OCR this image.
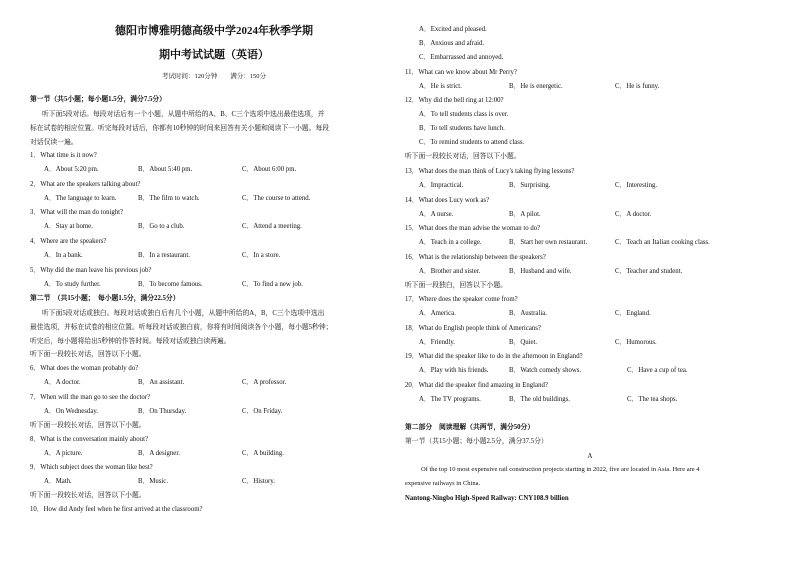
德阳市博雅明德高级中学2024年秋季学期
期中考试试题（英语）
考试时间：120分钟　　满分：150分
第一节（共5小题；每小题1.5分，满分7.5分）
听下面5段对话。每段对话后有一个小题，从题中所给的A、B、C三个选项中选出最佳选项，并
标在试卷的相应位置。听完每段对话后，你都有10秒钟的时间来回答有关小题和阅读下一小题。每段
对话仅读一遍。
1．What time is it now?
A．About 5:20 pm.	B．About 5:40 pm.	C．About 6:00 pm.
2．What are the speakers talking about?
A．The language to learn.	B．The film to watch.	C．The course to attend.
3．What will the man do tonight?
A．Stay at home.	B．Go to a club.	C．Attend a meeting.
4．Where are the speakers?
A．In a bank.	B．In a restaurant.	C．In a store.
5．Why did the man leave his previous job?
A．To study further.	B．To become famous.	C．To find a new job.
第二节　（共15小题；　每小题1.5分，满分22.5分）
听下面5段对话或独白。每段对话或独白后有几个小题，从题中所给的A，B，C三个选项中选出
最佳选项，并标在试卷的相应位置。听每段对话或独白前，你将有时间阅读各个小题，每小题5秒钟；
听完后，每小题将给出5秒钟的作答时间。每段对话或独白读两遍。
听下面一段较长对话，回答以下小题。
6．What does the woman probably do?
A．A doctor.	B．An assistant.	C．A professor.
7．When will the man go to see the doctor?
A．On Wednesday.	B．On Thursday.	C．On Friday.
听下面一段较长对话，回答以下小题。
8．What is the conversation mainly about?
A．A picture.	B．A designer.	C．A building.
9．Which subject does the woman like best?
A．Math.	B．Music.	C．History.
听下面一段较长对话，回答以下小题。
10．How did Andy feel when he first arrived at the classroom?
A．Excited and pleased.
B．Anxious and afraid.
C．Embarrassed and annoyed.
11．What can we know about Mr Perry?
A．He is strict.	B．He is energetic.	C．He is funny.
12．Why did the bell ring at 12:00?
A．To tell students class is over.
B．To tell students have lunch.
C．To remind students to attend class.
听下面一段较长对话，回答以下小题。
13．What does the man think of Lucy's taking flying lessons?
A．Impractical.	B．Surprising.	C．Interesting.
14．What does Lucy work as?
A．A nurse.	B．A pilot.	C．A doctor.
15．What does the man advise the woman to do?
A．Teach in a college.	B．Start her own restaurant.	C．Teach an Italian cooking class.
16．What is the relationship between the speakers?
A．Brother and sister.	B．Husband and wife.	C．Teacher and student.
听下面一段独白，回答以下小题。
17．Where does the speaker come from?
A．America.	B．Australia.	C．England.
18．What do English people think of Americans?
A．Friendly.	B．Quiet.	C．Humorous.
19．What did the speaker like to do in the afternoon in England?
A．Play with his friends.	B．Watch comedy shows.	C．Have a cup of tea.
20．What did the speaker find amazing in England?
A．The TV programs.	B．The old buildings.	C．The tea shops.
第二部分　阅读理解（共两节，满分50分）
第一节（共15小题；每小题2.5分，满分37.5分）
A
Of the top 10 most expensive rail construction projects starting in 2022, five are located in Asia. Here are 4
expensive railways in China.
Nantong-Ningbo High-Speed Railway: CNY108.9 billion
